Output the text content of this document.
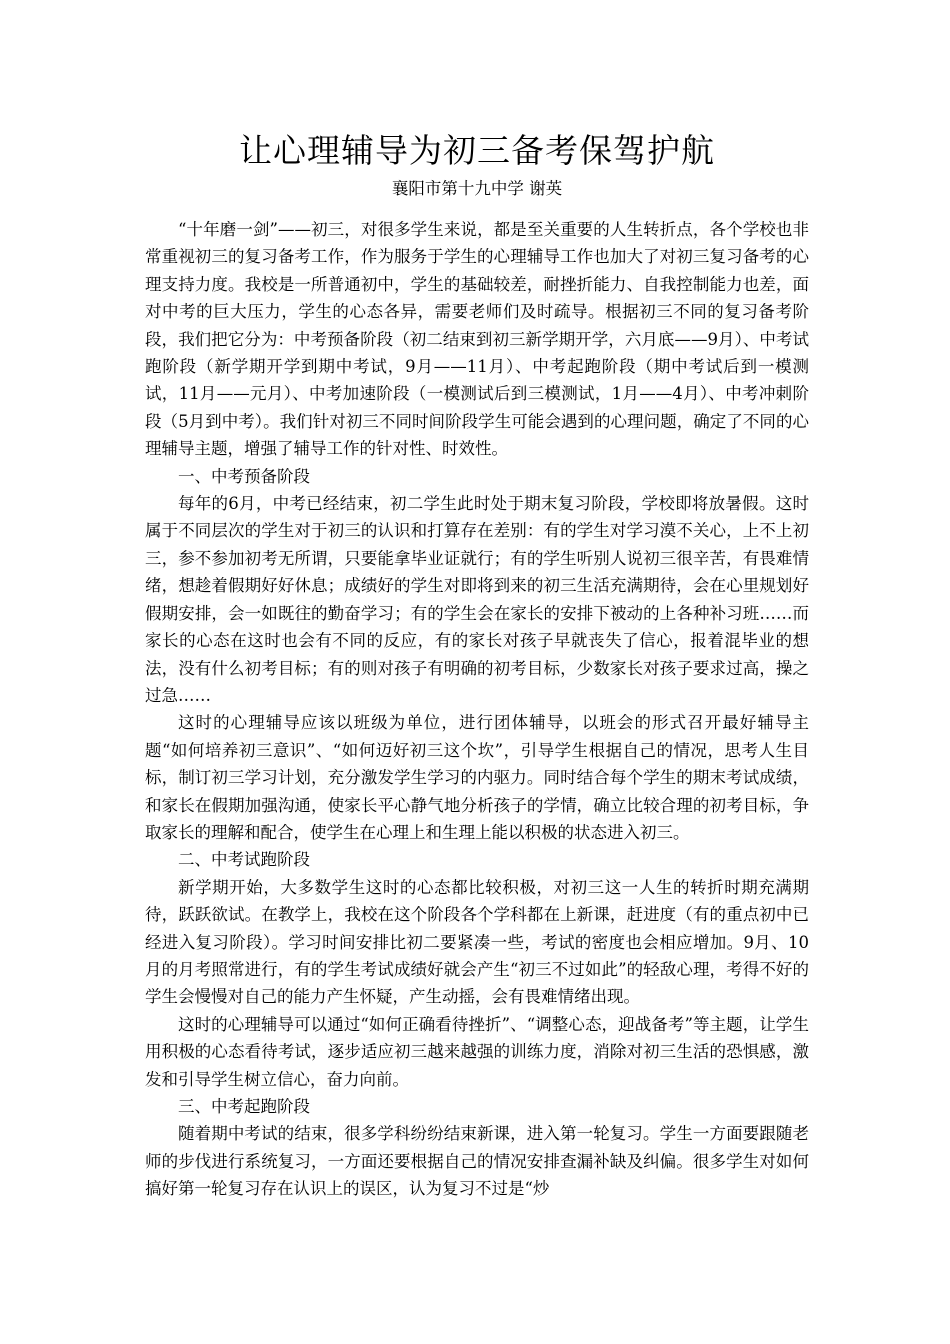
让心理辅导为初三备考保驾护航
襄阳市第十九中学 谢英

“十年磨一剑”——初三，对很多学生来说，都是至关重要的人生转折点，各个学校也非常重视初三的复习备考工作，作为服务于学生的心理辅导工作也加大了对初三复习备考的心理支持力度。我校是一所普通初中，学生的基础较差，耐挫折能力、自我控制能力也差，面对中考的巨大压力，学生的心态各异，需要老师们及时疏导。根据初三不同的复习备考阶段，我们把它分为：中考预备阶段（初二结束到初三新学期开学，六月底——9月）、中考试跑阶段（新学期开学到期中考试，9月——11月）、中考起跑阶段（期中考试后到一模测试，11月——元月）、中考加速阶段（一模测试后到三模测试，1月——4月）、中考冲刺阶段（5月到中考）。我们针对初三不同时间阶段学生可能会遇到的心理问题，确定了不同的心理辅导主题，增强了辅导工作的针对性、时效性。

一、中考预备阶段

每年的6月，中考已经结束，初二学生此时处于期末复习阶段，学校即将放暑假。这时属于不同层次的学生对于初三的认识和打算存在差别：有的学生对学习漠不关心，上不上初三，参不参加初考无所谓，只要能拿毕业证就行；有的学生听别人说初三很辛苦，有畏难情绪，想趁着假期好好休息；成绩好的学生对即将到来的初三生活充满期待，会在心里规划好假期安排，会一如既往的勤奋学习；有的学生会在家长的安排下被动的上各种补习班……而家长的心态在这时也会有不同的反应，有的家长对孩子早就丧失了信心，报着混毕业的想法，没有什么初考目标；有的则对孩子有明确的初考目标，少数家长对孩子要求过高，操之过急……

这时的心理辅导应该以班级为单位，进行团体辅导，以班会的形式召开最好辅导主题“如何培养初三意识”、“如何迈好初三这个坎”，引导学生根据自己的情况，思考人生目标，制订初三学习计划，充分激发学生学习的内驱力。同时结合每个学生的期末考试成绩，和家长在假期加强沟通，使家长平心静气地分析孩子的学情，确立比较合理的初考目标，争取家长的理解和配合，使学生在心理上和生理上能以积极的状态进入初三。

二、中考试跑阶段

新学期开始，大多数学生这时的心态都比较积极，对初三这一人生的转折时期充满期待，跃跃欲试。在教学上，我校在这个阶段各个学科都在上新课，赶进度（有的重点初中已经进入复习阶段）。学习时间安排比初二要紧凑一些，考试的密度也会相应增加。9月、10月的月考照常进行，有的学生考试成绩好就会产生“初三不过如此”的轻敌心理，考得不好的学生会慢慢对自己的能力产生怀疑，产生动摇，会有畏难情绪出现。

这时的心理辅导可以通过“如何正确看待挫折”、“调整心态，迎战备考”等主题，让学生用积极的心态看待考试，逐步适应初三越来越强的训练力度，消除对初三生活的恐惧感，激发和引导学生树立信心，奋力向前。

三、中考起跑阶段

随着期中考试的结束，很多学科纷纷结束新课，进入第一轮复习。学生一方面要跟随老师的步伐进行系统复习，一方面还要根据自己的情况安排查漏补缺及纠偏。很多学生对如何搞好第一轮复习存在认识上的误区，认为复习不过是“炒
